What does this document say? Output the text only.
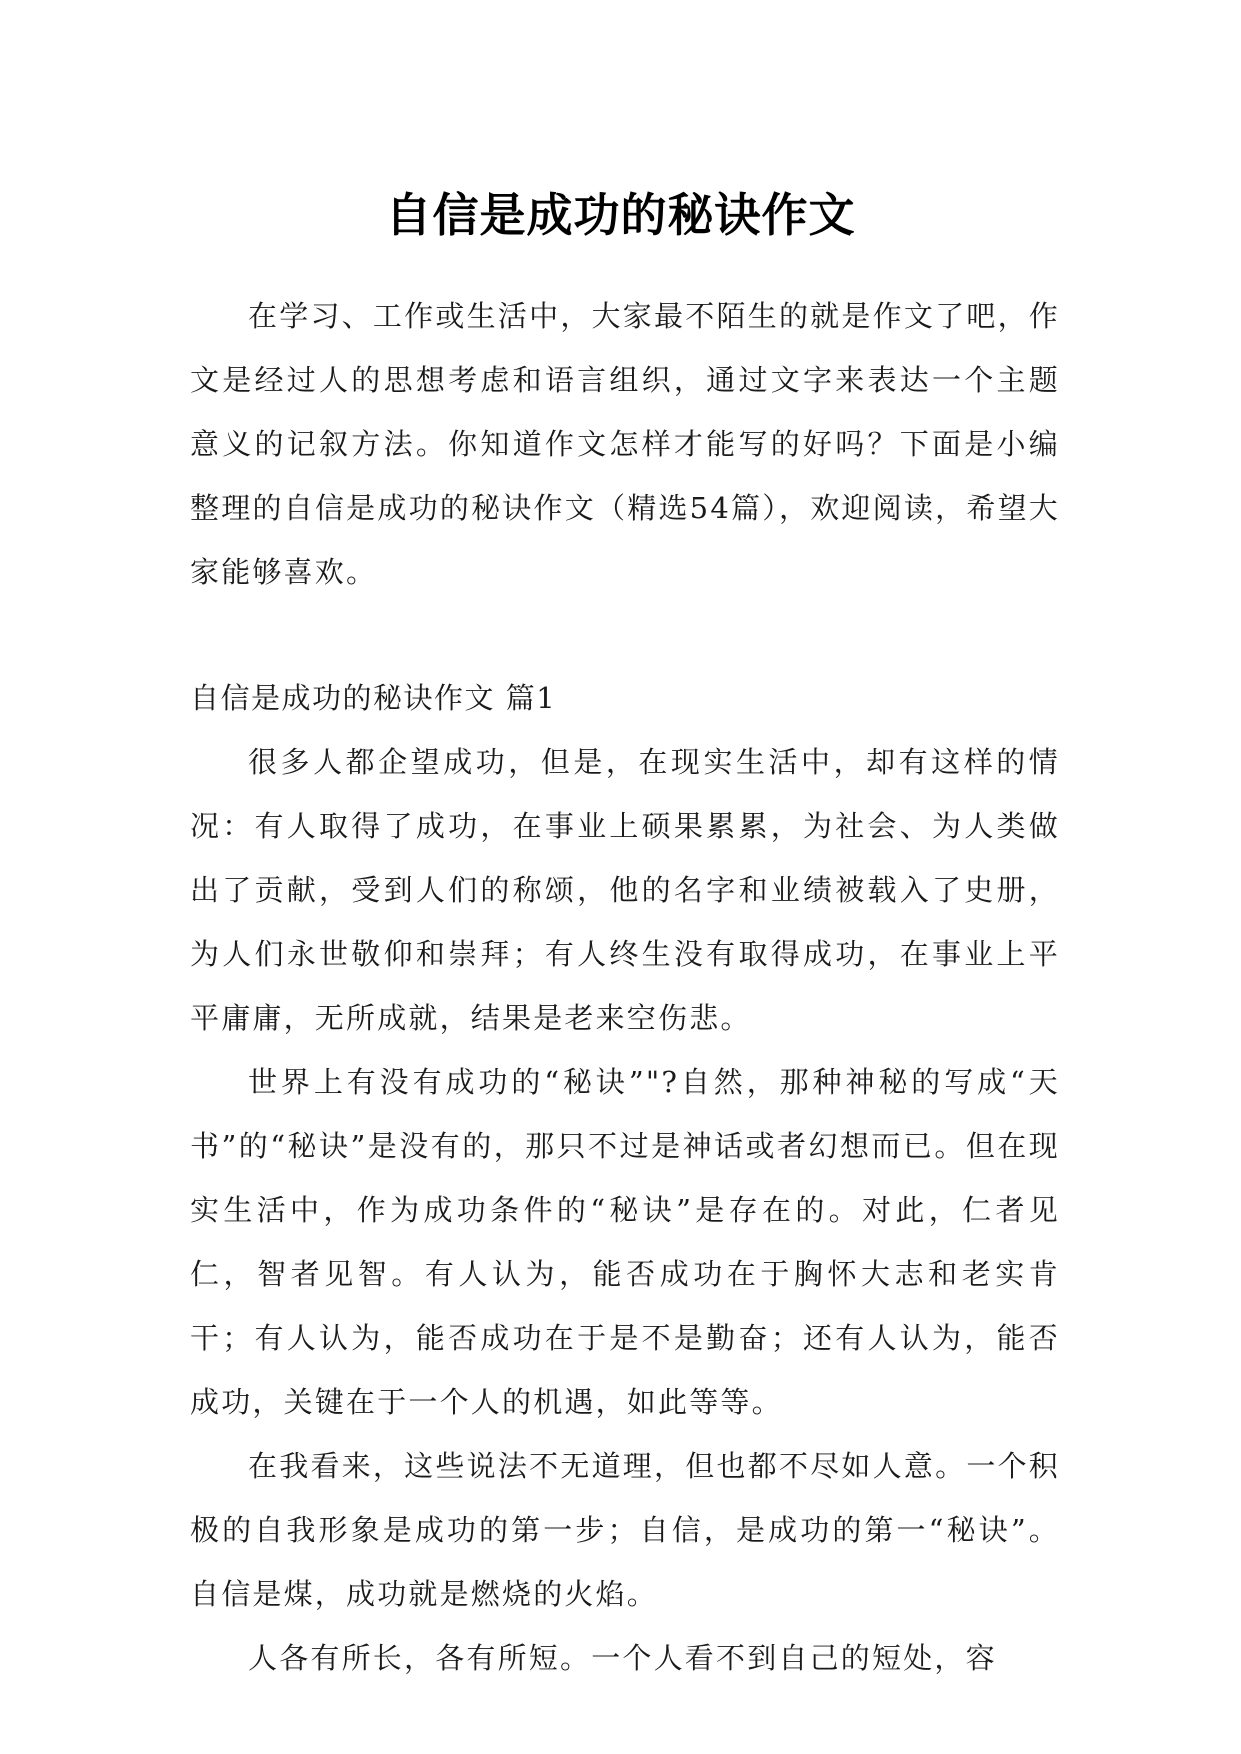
自信是成功的秘诀作文

在学习、工作或生活中，大家最不陌生的就是作文了吧，作文是经过人的思想考虑和语言组织，通过文字来表达一个主题意义的记叙方法。你知道作文怎样才能写的好吗？下面是小编整理的自信是成功的秘诀作文（精选54篇），欢迎阅读，希望大家能够喜欢。

自信是成功的秘诀作文 篇1

很多人都企望成功，但是，在现实生活中，却有这样的情况：有人取得了成功，在事业上硕果累累，为社会、为人类做出了贡献，受到人们的称颂，他的名字和业绩被载入了史册，为人们永世敬仰和崇拜；有人终生没有取得成功，在事业上平平庸庸，无所成就，结果是老来空伤悲。

世界上有没有成功的“秘诀”"?自然，那种神秘的写成“天书”的“秘诀”是没有的，那只不过是神话或者幻想而已。但在现实生活中，作为成功条件的“秘诀”是存在的。对此，仁者见仁，智者见智。有人认为，能否成功在于胸怀大志和老实肯干；有人认为，能否成功在于是不是勤奋；还有人认为，能否成功，关键在于一个人的机遇，如此等等。

在我看来，这些说法不无道理，但也都不尽如人意。一个积极的自我形象是成功的第一步；自信，是成功的第一“秘诀”。自信是煤，成功就是燃烧的火焰。

人各有所长，各有所短。一个人看不到自己的短处，容
